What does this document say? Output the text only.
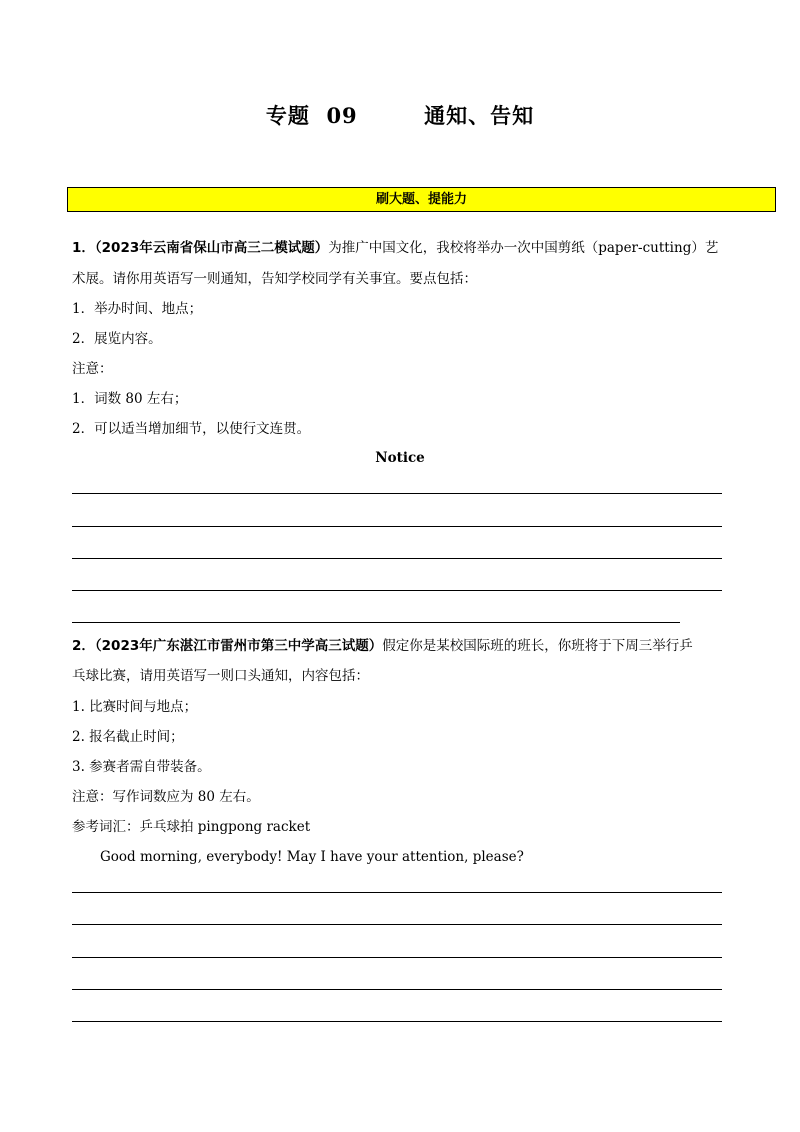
专题  09        通知、告知
刷大题、提能力
1．（2023年云南省保山市高三二模试题）为推广中国文化，我校将举办一次中国剪纸（paper-cutting）艺
术展。请你用英语写一则通知，告知学校同学有关事宜。要点包括：
1．举办时间、地点；
2．展览内容。
注意：
1．词数 80 左右；
2．可以适当增加细节，以使行文连贯。
Notice
2．（2023年广东湛江市雷州市第三中学高三试题）假定你是某校国际班的班长，你班将于下周三举行乒
乓球比赛，请用英语写一则口头通知，内容包括：
1. 比赛时间与地点；
2. 报名截止时间；
3. 参赛者需自带装备。
注意：写作词数应为 80 左右。
参考词汇：乒乓球拍 pingpong racket
Good morning, everybody! May I have your attention, please?
